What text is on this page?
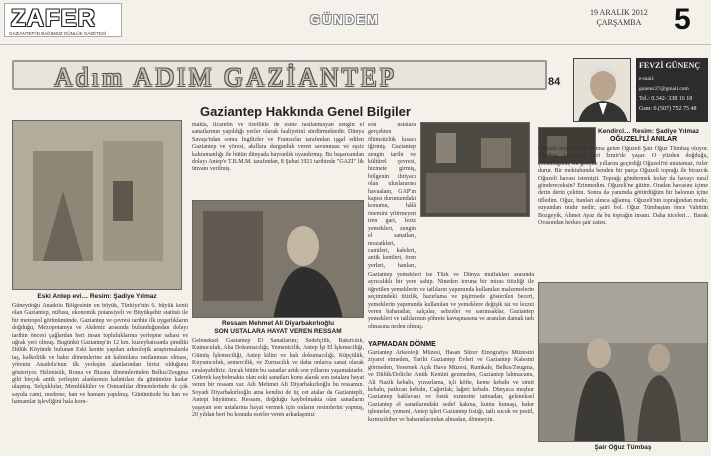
ZAFER
GAZİANTEP'İN BAĞIMSIZ GÜNLÜK GAZETESİ
GÜNDEM	19 ARALIK 2012
ÇARŞAMBA 5
Adım ADIM GAZİANTEP	84
FEVZİ GÜNENÇ
e-mail: gunenc27@gmail.com
Tel.: 0.342- 338 16 18
Gsm: 0.(507) 752 75 48
Gaziantep Hakkında Genel Bilgiler
Eski Antep evi… Resim: Şadiye Yılmaz
Güneydoğu Anadolu Bölgesinin en büyük, Türkiye'nin 6. büyük kenti olan Gaziantep, nüfusu, ekonomik potansiyeli ve Büyükşehir statüsü ile bir metropol görünümünde. Gaziantep ve çevresi tarihte ilk uygarlıkların doğduğu, Mezopotamya ve Akdeniz arasında bulunduğundan dolayı tarihin öncesi çağlardan beri insan topluluklarına yerleşme sahası ve uğrak yeri olmuş. Bugünkü Gaziantep'in 12 km. kuzeybatısında şimdiki Dülük Köyünde bulunan Eski kentte yapılan arkeolojik araştırmalarda taş, kalkolitik ve bakır dönemlerine ait kalıntılara rastlanması olması, yörenin Anadolu'nun ilk yerleşim alanlarından birisi olduğunu gösteriyor. Helenistik, Roma ve Bizans dönemlerinden Belkıs/Zeugma gibi birçok antik yerleşim alanlarının kalıntıları da günümüze kadar ulaşmış. Selçuklular, Memlüklüler ve Osmanlılar dönemlerinde de çok sayıda cami, medrese, han ve hamam yapılmış. Günümüzde bu han ve hamamlar işlevliğini hala koru-
makta, ticaretin ve özellikle de esine rastlanmayan zengin el sanatlarının yapıldığı yerler olarak faaliyetini sürdürmektedir. Dünya Savaşı'ndan sonra İngilizler ve Fransızlar tarafından işgal edilen Gaziantep ve yöresi, akıllara durgunluk veren savunması ve eşsiz kahramanlığı ile bütün dünyada hayranlık uyandırmış. Bu başarısından dolayı Antep'e T.B.M.M. tarafından, 8 Şubat 1921 tarihinde "GAZİ" lik ünvanı verilmiş.
Ressam Mehmet Ali Diyarbakırlıoğlu
SON USTALARA HAYAT VEREN RESSAM
Geleneksel Gaziantep El Sanatlarını; Sedefçilik, Bakırcılık, Kutnuculuk, Aba Dokumacılığı, Yemenicilik, Antep İşi El İşlemeciliği, Gümüş İşlemeciliği, Antep kilim ve halı dokumacılığı, Küpçülük, Kuyumculuk, semercilik, ve Zurnacılık ve daha onlarca sanat olarak sıralayabiliriz. Ancak bütün bu sanatlar artık son yıllarını yaşamaktadır. Giderek kaybolmakta olan eski sanatları konu alarak son ustalara hayat veren bir ressam var. Adı Mehmet Ali Diyarbakırlıoğlu bu ressamın. Soyadı Diyarbakırlıoğlu ama kendisi de üç cet atalar da Gaziantepli, Antepi büyütmez. Ressam, doğduğu kaybolmakta olan sanatların yaşayan son ustalarına hayat vermek için onların resimlerini yapmış, 20 yıldan beri bu konuda eserler veren arkadaşımız
son ustalara gerçekten ölümsüzlük kısacı iğirmiş. Gaziantep zengin tarihi ve kültürel çevresi, hizmete girmiş, bölgenin ihtiyacı olan uluslararası havaalanı, GAP'ın kapısı durumundaki konumu, hâlâ önemini yitirmeyen tren gari, leziz yemekleri, zengin el sanatları, mozaikleri, camileri, kaleleri, antik kentleri, ören yerleri, hanları,
Gaziantep yemekleri ise Türk ve Dünya mutfakları arasında ayrıcalıklı bir yere sahip. Nineden toruna bir miras titizliği ile öğretilen yemeklerin ve tatlıların yapımında kullanılan malzemelerin seçimindeki titizlik, hazırlama ve pişirmede gösterilen beceri, yemeklerin yapımında kullanılan ve yemeklere değişik tat ve lezzet veren baharatlar, salçalar, sebzeler ve sarımsaklar, Gaziantep yemekleri ve tatlılarının şöhrete kavuşmasına ve aranılan damak tadı olmasına neden olmuş.
YAPMADAN DÖNME
Gaziantep Arkeoloji Müzesi, Hasan Süzer Etnografya Müzesini ziyaret etmeden, Tarihi Gaziantep Evleri ve Gaziantep Kalesini görmeden, Yesemek Açık Hava Müzesi, Rumkale, Belkıs/Zeugma, ve Dülük/Doliche Antik Kentini gezmeden, Gaziantep lahmacunu, Ali Nazik kebabı, yuvarlama, içli köfte, keme kebabı ve simit kebabı, patlıcan kebabı, Cağırtlak; lağeri kebabı. Dünyaca meşhur Gaziantep baklavası ve fıstık ezmesini tatmadan, geleneksel Gaziantep el sanatlarındaki sedef kakma, kutnu kumaşı, bakır işlemeler, yemeni, Antep işleri Gaziantep fıstığı, tatlı sucuk ve pestil, kırmızıbiber ve baharatlarından almadan, dönmeyin.
Kendirci… Resim: Şadiye Yılmaz
OĞUZELİ'Lİ ANILAR
Oğuzeli deyince ilk aklıma gelen Oğuzeli Şair Oğuz Tümbaş oluyor. Tümbaş yıllardan beri İzmir'de yaşar. O yüzden doğduğu, çocukluğunu, ilk gençlik yıllarını geçirdiği Oğuzeli'ni unutamaz, özler durur. Bir mektubunda benden bir parça Oğuzeli toprağı ile birazcık Oğuzeli havası istemişti. Toprağı göndermek kolay da havayı nasıl göndereceksin? Erinmedim. Oğuzeli'ne gittim. Oradan havasını içime derin derin çektim. Sonra da yanımda götürdüğüm bir balonun içine üfledim. Oğuz, bunları alınca ağlamış. Oğuzeli'nin toprağından mıdır, suyundan mıdır nedir; şairi bol. Oğuz Tümbaştan önce Vahittin Bozgeyik, Ahmet Ayaz da bu toprağın insanı. Daha niceleri… Barak Ovasından herkes şair zaten.
Şair Oğuz Tümbaş
